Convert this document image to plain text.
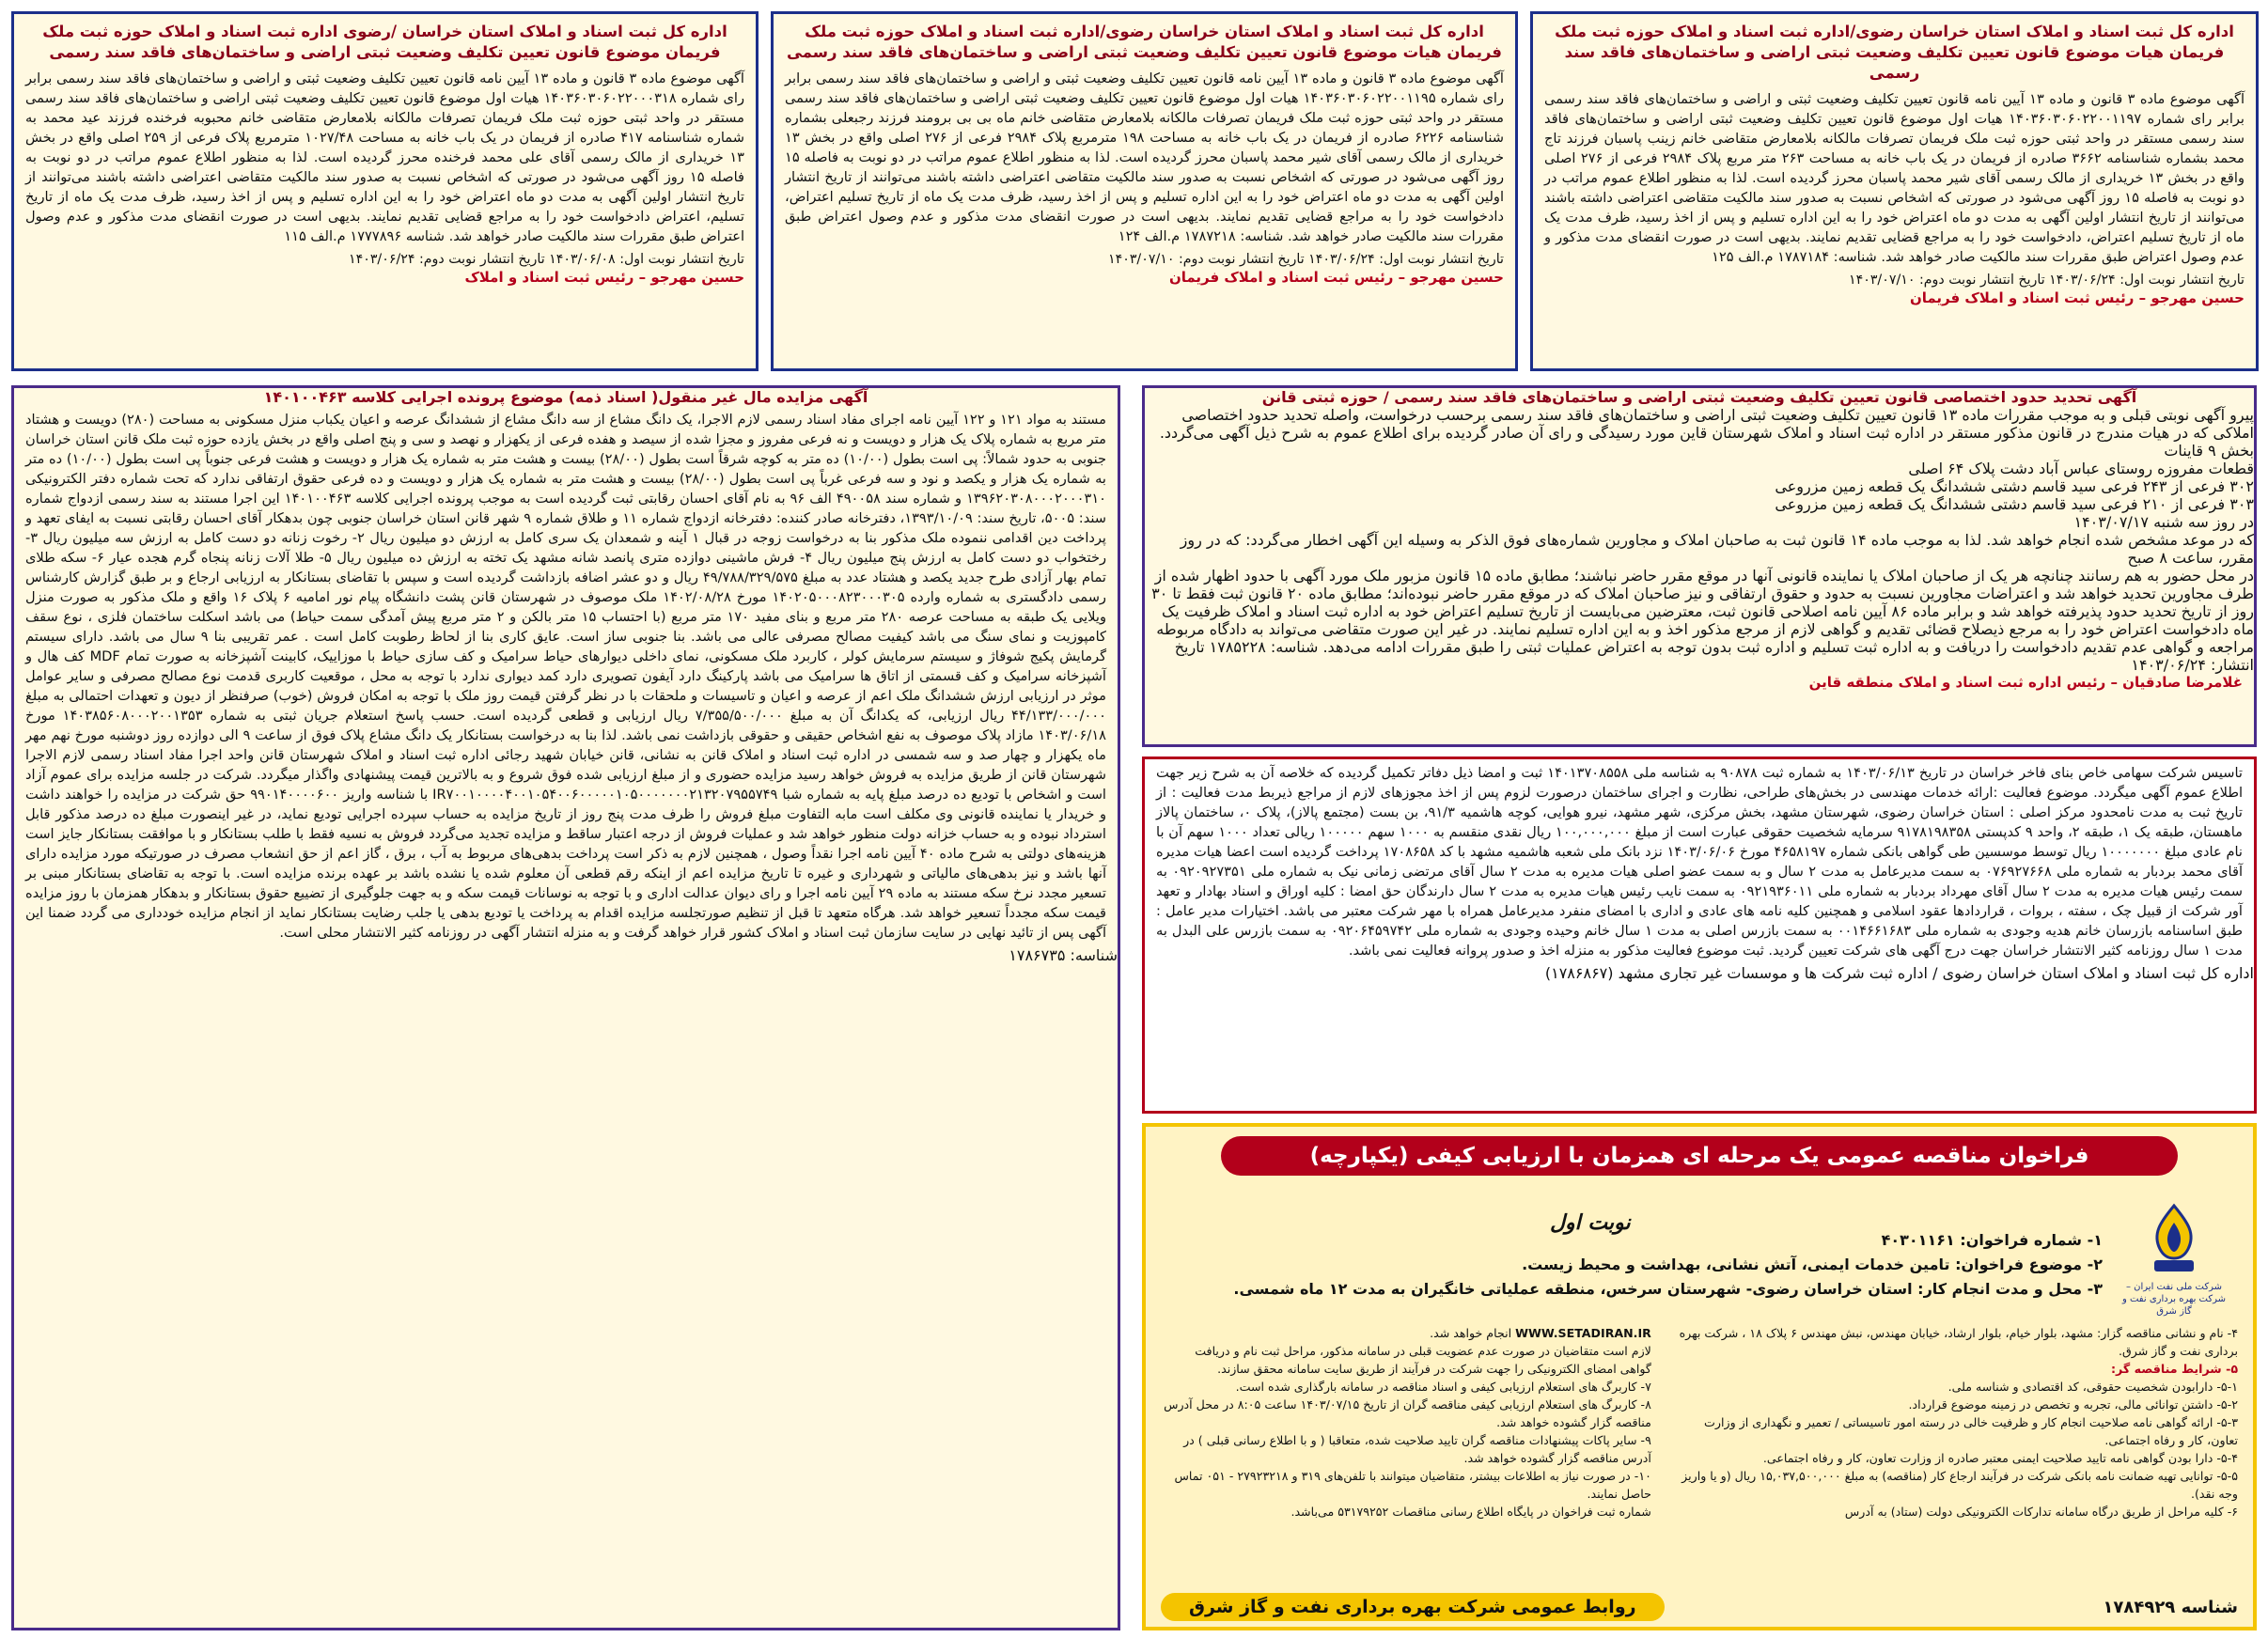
اداره کل ثبت اسناد و املاک استان خراسان رضوی/اداره ثبت اسناد و املاک حوزه ثبت ملک فریمان هیات موضوع قانون تعیین تکلیف وضعیت ثبتی اراضی و ساختمان‌های فاقد سند رسمی
آگهی موضوع ماده ۳ قانون و ماده ۱۳ آیین نامه قانون تعیین تکلیف وضعیت ثبتی و اراضی و ساختمان‌های فاقد سند رسمی برابر رای شماره ۱۴۰۳۶۰۳۰۶۰۲۲۰۰۱۱۹۷ هیات اول موضوع قانون تعیین تکلیف وضعیت ثبتی اراضی و ساختمان‌های فاقد سند رسمی مستقر در واحد ثبتی حوزه ثبت ملک فریمان تصرفات مالکانه بلامعارض متقاضی خانم زینب پاسبان فرزند تاج محمد بشماره شناسنامه ۳۶۶۲ صادره از فریمان در یک باب خانه به مساحت ۲۶۳ متر مربع پلاک ۲۹۸۴ فرعی از ۲۷۶ اصلی واقع در بخش ۱۳ خریداری از مالک رسمی آقای شیر محمد پاسبان محرز گردیده است. لذا به منظور اطلاع عموم مراتب در دو نوبت به فاصله ۱۵ روز آگهی می‌شود در صورتی که اشخاص نسبت به صدور سند مالکیت متقاضی اعتراضی داشته باشند می‌توانند از تاریخ انتشار اولین آگهی به مدت دو ماه اعتراض خود را به این اداره تسلیم و پس از اخذ رسید، ظرف مدت یک ماه از تاریخ تسلیم اعتراض، دادخواست خود را به مراجع قضایی تقدیم نمایند. بدیهی است در صورت انقضای مدت مذکور و عدم وصول اعتراض طبق مقررات سند مالکیت صادر خواهد شد. شناسه: ۱۷۸۷۱۸۴ م.الف ۱۲۵
تاریخ انتشار نوبت اول: ۱۴۰۳/۰۶/۲۴ تاریخ انتشار نوبت دوم: ۱۴۰۳/۰۷/۱۰
حسین مهرجو – رئیس ثبت اسناد و املاک فریمان
اداره کل ثبت اسناد و املاک استان خراسان رضوی/اداره ثبت اسناد و املاک حوزه ثبت ملک فریمان هیات موضوع قانون تعیین تکلیف وضعیت ثبتی اراضی و ساختمان‌های فاقد سند رسمی
آگهی موضوع ماده ۳ قانون و ماده ۱۳ آیین نامه قانون تعیین تکلیف وضعیت ثبتی و اراضی و ساختمان‌های فاقد سند رسمی برابر رای شماره ۱۴۰۳۶۰۳۰۶۰۲۲۰۰۱۱۹۵ هیات اول موضوع قانون تعیین تکلیف وضعیت ثبتی اراضی و ساختمان‌های فاقد سند رسمی مستقر در واحد ثبتی حوزه ثبت ملک فریمان تصرفات مالکانه بلامعارض متقاضی خانم ماه بی بی برومند فرزند رجبعلی بشماره شناسنامه ۶۲۲۶ صادره از فریمان در یک باب خانه به مساحت ۱۹۸ مترمربع پلاک ۲۹۸۴ فرعی از ۲۷۶ اصلی واقع در بخش ۱۳ خریداری از مالک رسمی آقای شیر محمد پاسبان محرز گردیده است. لذا به منظور اطلاع عموم مراتب در دو نوبت به فاصله ۱۵ روز آگهی می‌شود در صورتی که اشخاص نسبت به صدور سند مالکیت متقاضی اعتراضی داشته باشند می‌توانند از تاریخ انتشار اولین آگهی به مدت دو ماه اعتراض خود را به این اداره تسلیم و پس از اخذ رسید، ظرف مدت یک ماه از تاریخ تسلیم اعتراض، دادخواست خود را به مراجع قضایی تقدیم نمایند. بدیهی است در صورت انقضای مدت مذکور و عدم وصول اعتراض طبق مقررات سند مالکیت صادر خواهد شد. شناسه: ۱۷۸۷۲۱۸ م.الف ۱۲۴
تاریخ انتشار نوبت اول: ۱۴۰۳/۰۶/۲۴ تاریخ انتشار نوبت دوم: ۱۴۰۳/۰۷/۱۰
حسین مهرجو – رئیس ثبت اسناد و املاک فریمان
اداره کل ثبت اسناد و املاک استان خراسان /رضوی اداره ثبت اسناد و املاک حوزه ثبت ملک فریمان موضوع قانون تعیین تکلیف وضعیت ثبتی اراضی و ساختمان‌های فاقد سند رسمی
آگهی موضوع ماده ۳ قانون و ماده ۱۳ آیین نامه قانون تعیین تکلیف وضعیت ثبتی و اراضی و ساختمان‌های فاقد سند رسمی برابر رای شماره ۱۴۰۳۶۰۳۰۶۰۲۲۰۰۰۳۱۸ هیات اول موضوع قانون تعیین تکلیف وضعیت ثبتی اراضی و ساختمان‌های فاقد سند رسمی مستقر در واحد ثبتی حوزه ثبت ملک فریمان تصرفات مالکانه بلامعارض متقاضی خانم محبوبه فرخنده فرزند عید محمد به شماره شناسنامه ۴۱۷ صادره از فریمان در یک باب خانه به مساحت ۱۰۲۷/۴۸ مترمربع پلاک فرعی از ۲۵۹ اصلی واقع در بخش ۱۳ خریداری از مالک رسمی آقای علی محمد فرخنده محرز گردیده است. لذا به منظور اطلاع عموم مراتب در دو نوبت به فاصله ۱۵ روز آگهی می‌شود در صورتی که اشخاص نسبت به صدور سند مالکیت متقاضی اعتراضی داشته باشند می‌توانند از تاریخ انتشار اولین آگهی به مدت دو ماه اعتراض خود را به این اداره تسلیم و پس از اخذ رسید، ظرف مدت یک ماه از تاریخ تسلیم، اعتراض دادخواست خود را به مراجع قضایی تقدیم نمایند. بدیهی است در صورت انقضای مدت مذکور و عدم وصول اعتراض طبق مقررات سند مالکیت صادر خواهد شد. شناسه ۱۷۷۷۸۹۶ م.الف ۱۱۵
تاریخ انتشار نوبت اول: ۱۴۰۳/۰۶/۰۸ تاریخ انتشار نوبت دوم: ۱۴۰۳/۰۶/۲۴
حسین مهرجو – رئیس ثبت اسناد و املاک
آگهی مزایده مال غیر منقول( اسناد ذمه) موضوع پرونده اجرایی کلاسه ۱۴۰۱۰۰۴۶۳
مستند به مواد ۱۲۱ و ۱۲۲ آیین نامه اجرای مفاد اسناد رسمی لازم الاجرا، یک دانگ مشاع از سه دانگ مشاع از ششدانگ عرصه و اعیان یکباب منزل مسکونی به مساحت (۲۸۰) دویست و هشتاد متر مربع به شماره پلاک یک هزار و دویست و نه فرعی مفروز و مجزا شده از سیصد و هفده فرعی از یکهزار و نهصد و سی و پنج اصلی واقع در بخش یازده حوزه ثبت ملک قانن استان خراسان جنوبی به حدود شمالاً: پی است بطول (۱۰/۰۰) ده متر به کوچه شرقاً است بطول (۲۸/۰۰) بیست و هشت متر به شماره یک هزار و دویست و هشت فرعی جنوباً پی است بطول (۱۰/۰۰) ده متر به شماره یک هزار و یکصد و نود و سه فرعی غرباً پی است بطول (۲۸/۰۰) بیست و هشت متر به شماره یک هزار و دویست و ده فرعی حقوق ارتفاقی ندارد که تحت شماره دفتر الکترونیکی ۱۳۹۶۲۰۳۰۸۰۰۰۲۰۰۰۳۱۰ و شماره سند ۴۹۰۰۵۸ الف ۹۶ به نام آقای احسان رقابتی ثبت گردیده است به موجب پرونده اجرایی کلاسه ۱۴۰۱۰۰۴۶۳ این اجرا مستند به سند رسمی ازدواج شماره سند: ۵۰۰۵، تاریخ سند: ۱۳۹۳/۱۰/۰۹، دفترخانه صادر کننده: دفترخانه ازدواج شماره ۱۱ و طلاق شماره ۹ شهر قانن استان خراسان جنوبی چون بدهکار آقای احسان رقابتی نسبت به ایفای تعهد و پرداخت دین اقدامی ننموده ملک مذکور بنا به درخواست زوجه در قبال ۱ آینه و شمعدان یک سری کامل به ارزش دو میلیون ریال ۲- رخوت زنانه دو دست کامل به ارزش سه میلیون ریال ۳- رختخواب دو دست کامل به ارزش پنج میلیون ریال ۴- فرش ماشینی دوازده متری پانصد شانه مشهد یک تخته به ارزش ده میلیون ریال ۵- طلا آلات زنانه پنجاه گرم هجده عیار ۶- سکه طلای تمام بهار آزادی طرح جدید یکصد و هشتاد عدد به مبلغ ۴۹/۷۸۸/۳۲۹/۵۷۵ ریال و دو عشر اضافه بازداشت گردیده است و سپس با تقاضای بستانکار به ارزیابی ارجاع و بر طبق گزارش کارشناس رسمی دادگستری به شماره وارده ۱۴۰۲۰۵۰۰۰۸۲۳۰۰۰۳۰۵ مورخ ۱۴۰۲/۰۸/۲۸ ملک موصوف در شهرستان قانن پشت دانشگاه پیام نور امامیه ۶ پلاک ۱۶ واقع و ملک مذکور به صورت منزل ویلایی یک طبقه به مساحت عرصه ۲۸۰ متر مربع و بنای مفید ۱۷۰ متر مربع (با احتساب ۱۵ متر بالکن و ۲ متر مربع پیش آمدگی سمت حیاط) می باشد اسکلت ساختمان فلزی ، نوع سقف کامپوزیت و نمای سنگ می باشد کیفیت مصالح مصرفی عالی می باشد. بنا جنوبی ساز است. عایق کاری بنا از لحاظ رطوبت کامل است . عمر تقریبی بنا ۹ سال می باشد. دارای سیستم گرمایش پکیج شوفاژ و سیستم سرمایش کولر ، کاربرد ملک مسکونی، نمای داخلی دیوارهای حیاط سرامیک و کف سازی حیاط با موزاییک، کابینت آشپزخانه به صورت تمام MDF کف هال و آشپزخانه سرامیک و کف قسمتی از اتاق ها سرامیک می باشد پارکینگ دارد آیفون تصویری دارد کمد دیواری ندارد با توجه به محل ، موقعیت کاربری قدمت نوع مصالح مصرفی و سایر عوامل موثر در ارزیابی ارزش ششدانگ ملک اعم از عرصه و اعیان و تاسیسات و ملحقات با در نظر گرفتن قیمت روز ملک با توجه به امکان فروش (خوب) صرفنظر از دیون و تعهدات احتمالی به مبلغ ۴۴/۱۳۳/۰۰۰/۰۰۰ ریال ارزیابی، که یکدانگ آن به مبلغ ۷/۳۵۵/۵۰۰/۰۰۰ ریال ارزیابی و قطعی گردیده است. حسب پاسخ استعلام جریان ثبتی به شماره ۱۴۰۳۸۵۶۰۸۰۰۰۲۰۰۱۳۵۳ مورخ ۱۴۰۳/۰۶/۱۸ مازاد پلاک موصوف به نفع اشخاص حقیقی و حقوقی بازداشت نمی باشد. لذا بنا به درخواست بستانکار یک دانگ مشاع پلاک فوق از ساعت ۹ الی دوازده روز دوشنبه مورخ نهم مهر ماه یکهزار و چهار صد و سه شمسی در اداره ثبت اسناد و املاک قانن به نشانی، قانن خیابان شهید رجائی اداره ثبت اسناد و املاک شهرستان قانن واحد اجرا مفاد اسناد رسمی لازم الاجرا شهرستان قانن از طریق مزایده به فروش خواهد رسید مزایده حضوری و از مبلغ ارزیابی شده فوق شروع و به بالاترین قیمت پیشنهادی واگذار میگردد. شرکت در جلسه مزایده برای عموم آزاد است و اشخاص با تودیع ده درصد مبلغ پایه به شماره شبا IR۷۰۰۱۰۰۰۰۴۰۰۱۰۵۴۰۰۶۰۰۰۰۰۱۰۵۰۰۰۰۰۰۰۲۱۳۲۰۷۹۵۵۷۴۹ با شناسه واریز ۹۹۰۱۴۰۰۰۰۶۰۰ حق شرکت در مزایده را خواهند داشت و خریدار یا نماینده قانونی وی مکلف است مابه التفاوت مبلغ فروش را ظرف مدت پنج روز از تاریخ مزایده به حساب سپرده اجرایی تودیع نماید، در غیر اینصورت مبلغ ده درصد مذکور قابل استرداد نبوده و به حساب خزانه دولت منظور خواهد شد و عملیات فروش از درجه اعتبار ساقط و مزایده تجدید می‌گردد فروش به نسیه فقط با طلب بستانکار و با موافقت بستانکار جایز است هزینه‌های دولتی به شرح ماده ۴۰ آیین نامه اجرا نقداً وصول ، همچنین لازم به ذکر است پرداخت بدهی‌های مربوط به آب ، برق ، گاز اعم از حق انشعاب مصرف در صورتیکه مورد مزایده دارای آنها باشد و نیز بدهی‌های مالیاتی و شهرداری و غیره تا تاریخ مزایده اعم از اینکه رقم قطعی آن معلوم شده یا نشده باشد بر عهده برنده مزایده است. با توجه به تقاضای بستانکار مبنی بر تسعیر مجدد نرخ سکه مستند به ماده ۲۹ آیین نامه اجرا و رای دیوان عدالت اداری و با توجه به نوسانات قیمت سکه و به جهت جلوگیری از تضییع حقوق بستانکار و بدهکار همزمان با روز مزایده قیمت سکه مجدداً تسعیر خواهد شد. هرگاه متعهد تا قبل از تنظیم صورتجلسه مزایده اقدام به پرداخت یا تودیع بدهی یا جلب رضایت بستانکار نماید از انجام مزایده خودداری می گردد ضمنا این آگهی پس از تائید نهایی در سایت سازمان ثبت اسناد و املاک کشور قرار خواهد گرفت و به منزله انتشار آگهی در روزنامه کثیر الانتشار محلی است.
شناسه: ۱۷۸۶۷۳۵
آگهی تحدید حدود اختصاصی قانون تعیین تکلیف وضعیت ثبتی اراضی و ساختمان‌های فاقد سند رسمی / حوزه ثبتی قانن
پیرو آگهی نوبتی قبلی و به موجب مقررات ماده ۱۳ قانون تعیین تکلیف وضعیت ثبتی اراضی و ساختمان‌های فاقد سند رسمی برحسب درخواست، واصله تحدید حدود اختصاصی املاکی که در هیات مندرج در قانون مذکور مستقر در اداره ثبت اسناد و املاک شهرستان قاین مورد رسیدگی و رای آن صادر گردیده برای اطلاع عموم به شرح ذیل آگهی می‌گردد. بخش ۹ قاینات
قطعات مفروزه روستای عباس آباد دشت پلاک ۶۴ اصلی
۳۰۲ فرعی از ۲۴۳ فرعی سید قاسم دشتی ششدانگ یک قطعه زمین مزروعی
۳۰۳ فرعی از ۲۱۰ فرعی سید قاسم دشتی ششدانگ یک قطعه زمین مزروعی
در روز سه شنبه ۱۴۰۳/۰۷/۱۷
که در موعد مشخص شده انجام خواهد شد. لذا به موجب ماده ۱۴ قانون ثبت به صاحبان املاک و مجاورین شماره‌های فوق الذکر به وسیله این آگهی اخطار می‌گردد: که در روز مقرر، ساعت ۸ صبح
در محل حضور به هم رسانند چنانچه هر یک از صاحبان املاک یا نماینده قانونی آنها در موقع مقرر حاضر نباشند؛ مطابق ماده ۱۵ قانون مزبور ملک مورد آگهی با حدود اظهار شده از طرف مجاورین تحدید خواهد شد و اعتراضات مجاورین نسبت به حدود و حقوق ارتفاقی و نیز صاحبان املاک که در موقع مقرر حاضر نبوده‌اند؛ مطابق ماده ۲۰ قانون ثبت فقط تا ۳۰ روز از تاریخ تحدید حدود پذیرفته خواهد شد و برابر ماده ۸۶ آیین نامه اصلاحی قانون ثبت، معترضین می‌بایست از تاریخ تسلیم اعتراض خود به اداره ثبت اسناد و املاک ظرفیت یک ماه دادخواست اعتراض خود را به مرجع ذیصلاح قضائی تقدیم و گواهی لازم از مرجع مذکور اخذ و به این اداره تسلیم نمایند. در غیر این صورت متقاضی می‌تواند به دادگاه مربوطه مراجعه و گواهی عدم تقدیم دادخواست را دریافت و به اداره ثبت تسلیم و اداره ثبت بدون توجه به اعتراض عملیات ثبتی را طبق مقررات ادامه می‌دهد. شناسه: ۱۷۸۵۲۲۸ تاریخ انتشار: ۱۴۰۳/۰۶/۲۴
غلامرضا صادقیان – رئیس اداره ثبت اسناد و املاک منطقه قاین
تاسیس شرکت سهامی خاص بنای فاخر خراسان در تاریخ ۱۴۰۳/۰۶/۱۳ به شماره ثبت ۹۰۸۷۸ به شناسه ملی ۱۴۰۱۳۷۰۸۵۵۸ ثبت و امضا ذیل دفاتر تکمیل گردیده که خلاصه آن به شرح زیر جهت اطلاع عموم آگهی میگردد. موضوع فعالیت :ارائه خدمات مهندسی در بخش‌های طراحی، نظارت و اجرای ساختمان درصورت لزوم پس از اخذ مجوزهای لازم از مراجع ذیربط مدت فعالیت : از تاریخ ثبت به مدت نامحدود مرکز اصلی : استان خراسان رضوی، شهرستان مشهد، بخش مرکزی، شهر مشهد، نیرو هوایی، کوچه هاشمیه ۹۱/۳، بن بست (مجتمع پالاز)، پلاک ۰، ساختمان پالاز ماهستان، طبقه یک ۱، طبقه ۲، واحد ۹ کدپستی ۹۱۷۸۱۹۸۳۵۸ سرمایه شخصیت حقوقی عبارت است از مبلغ ۱۰۰,۰۰۰,۰۰۰ ریال نقدی منقسم به ۱۰۰۰ سهم ۱۰۰۰۰۰ ریالی تعداد ۱۰۰۰ سهم آن با نام عادی مبلغ ۱۰۰۰۰۰۰۰ ریال توسط موسسین طی گواهی بانکی شماره ۴۶۵۸۱۹۷ مورخ ۱۴۰۳/۰۶/۰۶ نزد بانک ملی شعبه هاشمیه مشهد با کد ۱۷۰۸۶۵۸ پرداخت گردیده است اعضا هیات مدیره آقای محمد بردبار به شماره ملی ۰۷۶۹۲۷۶۶۸ به سمت مدیرعامل به مدت ۲ سال و به سمت عضو اصلی هیات مدیره به مدت ۲ سال آقای مرتضی زمانی نیک به شماره ملی ۰۹۲۰۹۲۷۳۵۱ به سمت رئیس هیات مدیره به مدت ۲ سال آقای مهرداد بردبار به شماره ملی ۰۹۲۱۹۳۶۰۱۱ به سمت نایب رئیس هیات مدیره به مدت ۲ سال دارندگان حق امضا : کلیه اوراق و اسناد بهادار و تعهد آور شرکت از قبیل چک ، سفته ، بروات ، قراردادها عقود اسلامی و همچنین کلیه نامه های عادی و اداری با امضای منفرد مدیرعامل همراه با مهر شرکت معتبر می باشد. اختیارات مدیر عامل : طبق اساسنامه بازرسان خانم هدیه وجودی به شماره ملی ۰۰۱۴۶۶۱۶۸۳ به سمت بازرس اصلی به مدت ۱ سال خانم وحیده وجودی به شماره ملی ۰۹۲۰۶۴۵۹۷۴۲ به سمت بازرس علی البدل به مدت ۱ سال روزنامه کثیر الانتشار خراسان جهت درج آگهی های شرکت تعیین گردید. ثبت موضوع فعالیت مذکور به منزله اخذ و صدور پروانه فعالیت نمی باشد.
اداره کل ثبت اسناد و املاک استان خراسان رضوی / اداره ثبت شرکت ها و موسسات غیر تجاری مشهد (۱۷۸۶۸۶۷)
فراخوان مناقصه عمومی یک مرحله ای همزمان با ارزیابی کیفی (یکپارچه)
نوبت اول
شرکت ملی نفت ایران – شرکت بهره برداری نفت و گاز شرق
۱- شماره فراخوان: ۴۰۳۰۱۱۶۱
۲- موضوع فراخوان: تامین خدمات ایمنی، آتش نشانی، بهداشت و محیط زیست.
۳- محل و مدت انجام کار: استان خراسان رضوی- شهرستان سرخس، منطقه عملیاتی خانگیران به مدت ۱۲ ماه شمسی.
۴- نام و نشانی مناقصه گزار: مشهد، بلوار خیام، بلوار ارشاد، خیابان مهندس، نبش مهندس ۶ پلاک ۱۸ ، شرکت بهره برداری نفت و گاز شرق.
۵- شرایط مناقصه گر:
۵-۱- دارابودن شخصیت حقوقی، کد اقتصادی و شناسه ملی.
۵-۲- داشتن توانائی مالی، تجربه و تخصص در زمینه موضوع قرارداد.
۵-۳- ارائه گواهی نامه صلاحیت انجام کار و ظرفیت خالی در رسته امور تاسیساتی / تعمیر و نگهداری از وزارت تعاون، کار و رفاه اجتماعی.
۵-۴- دارا بودن گواهی نامه تایید صلاحیت ایمنی معتبر صادره از وزارت تعاون، کار و رفاه اجتماعی.
۵-۵- توانایی تهیه ضمانت نامه بانکی شرکت در فرآیند ارجاع کار (مناقصه) به مبلغ ۱۵,۰۳۷,۵۰۰,۰۰۰ ریال (و یا واریز وجه نقد).
۶- کلیه مراحل از طریق درگاه سامانه تدارکات الکترونیکی دولت (ستاد) به آدرس
WWW.SETADIRAN.IR انجام خواهد شد.
لازم است متقاضیان در صورت عدم عضویت قبلی در سامانه مذکور، مراحل ثبت نام و دریافت گواهی امضای الکترونیکی را جهت شرکت در فرآیند از طریق سایت سامانه محقق سازند.
۷- کاربرگ های استعلام ارزیابی کیفی و اسناد مناقصه در سامانه بارگذاری شده است.
۸- کاربرگ های استعلام ارزیابی کیفی مناقصه گران از تاریخ ۱۴۰۳/۰۷/۱۵ ساعت ۸:۰۵ در محل آدرس مناقصه گزار گشوده خواهد شد.
۹- سایر پاکات پیشنهادات مناقصه گران تایید صلاحیت شده، متعاقبا ( و با اطلاع رسانی قبلی ) در آدرس مناقصه گزار گشوده خواهد شد.
۱۰- در صورت نیاز به اطلاعات بیشتر، متقاضیان میتوانند با تلفن‌های ۳۱۹ و ۲۷۹۲۳۲۱۸ - ۰۵۱ تماس حاصل نمایند.
شماره ثبت فراخوان در پایگاه اطلاع رسانی مناقصات ۵۳۱۷۹۲۵۲ می‌باشد.
شناسه ۱۷۸۴۹۲۹
روابط عمومی شرکت بهره برداری نفت و گاز شرق
